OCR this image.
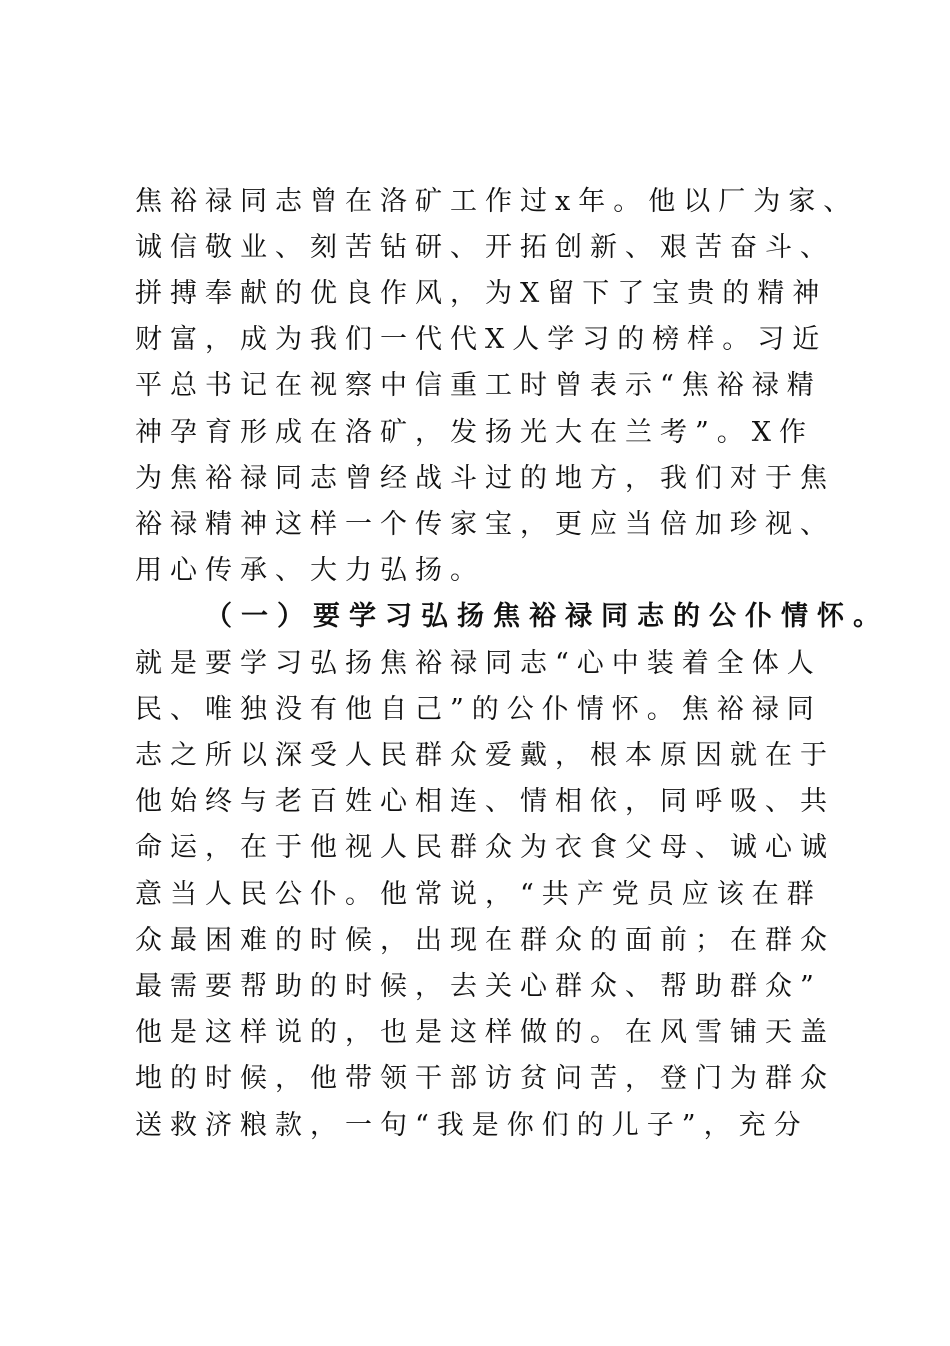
焦裕禄同志曾在洛矿工作过x年。他以厂为家、
诚信敬业、刻苦钻研、开拓创新、艰苦奋斗、
拼搏奉献的优良作风，为X留下了宝贵的精神
财富，成为我们一代代X人学习的榜样。习近
平总书记在视察中信重工时曾表示“焦裕禄精
神孕育形成在洛矿，发扬光大在兰考”。X作
为焦裕禄同志曾经战斗过的地方，我们对于焦
裕禄精神这样一个传家宝，更应当倍加珍视、
用心传承、大力弘扬。
（一）要学习弘扬焦裕禄同志的公仆情怀。
就是要学习弘扬焦裕禄同志“心中装着全体人
民、唯独没有他自己”的公仆情怀。焦裕禄同
志之所以深受人民群众爱戴，根本原因就在于
他始终与老百姓心相连、情相依，同呼吸、共
命运，在于他视人民群众为衣食父母、诚心诚
意当人民公仆。他常说，“共产党员应该在群
众最困难的时候，出现在群众的面前；在群众
最需要帮助的时候，去关心群众、帮助群众”
他是这样说的，也是这样做的。在风雪铺天盖
地的时候，他带领干部访贫问苦，登门为群众
送救济粮款，一句“我是你们的儿子”，充分
